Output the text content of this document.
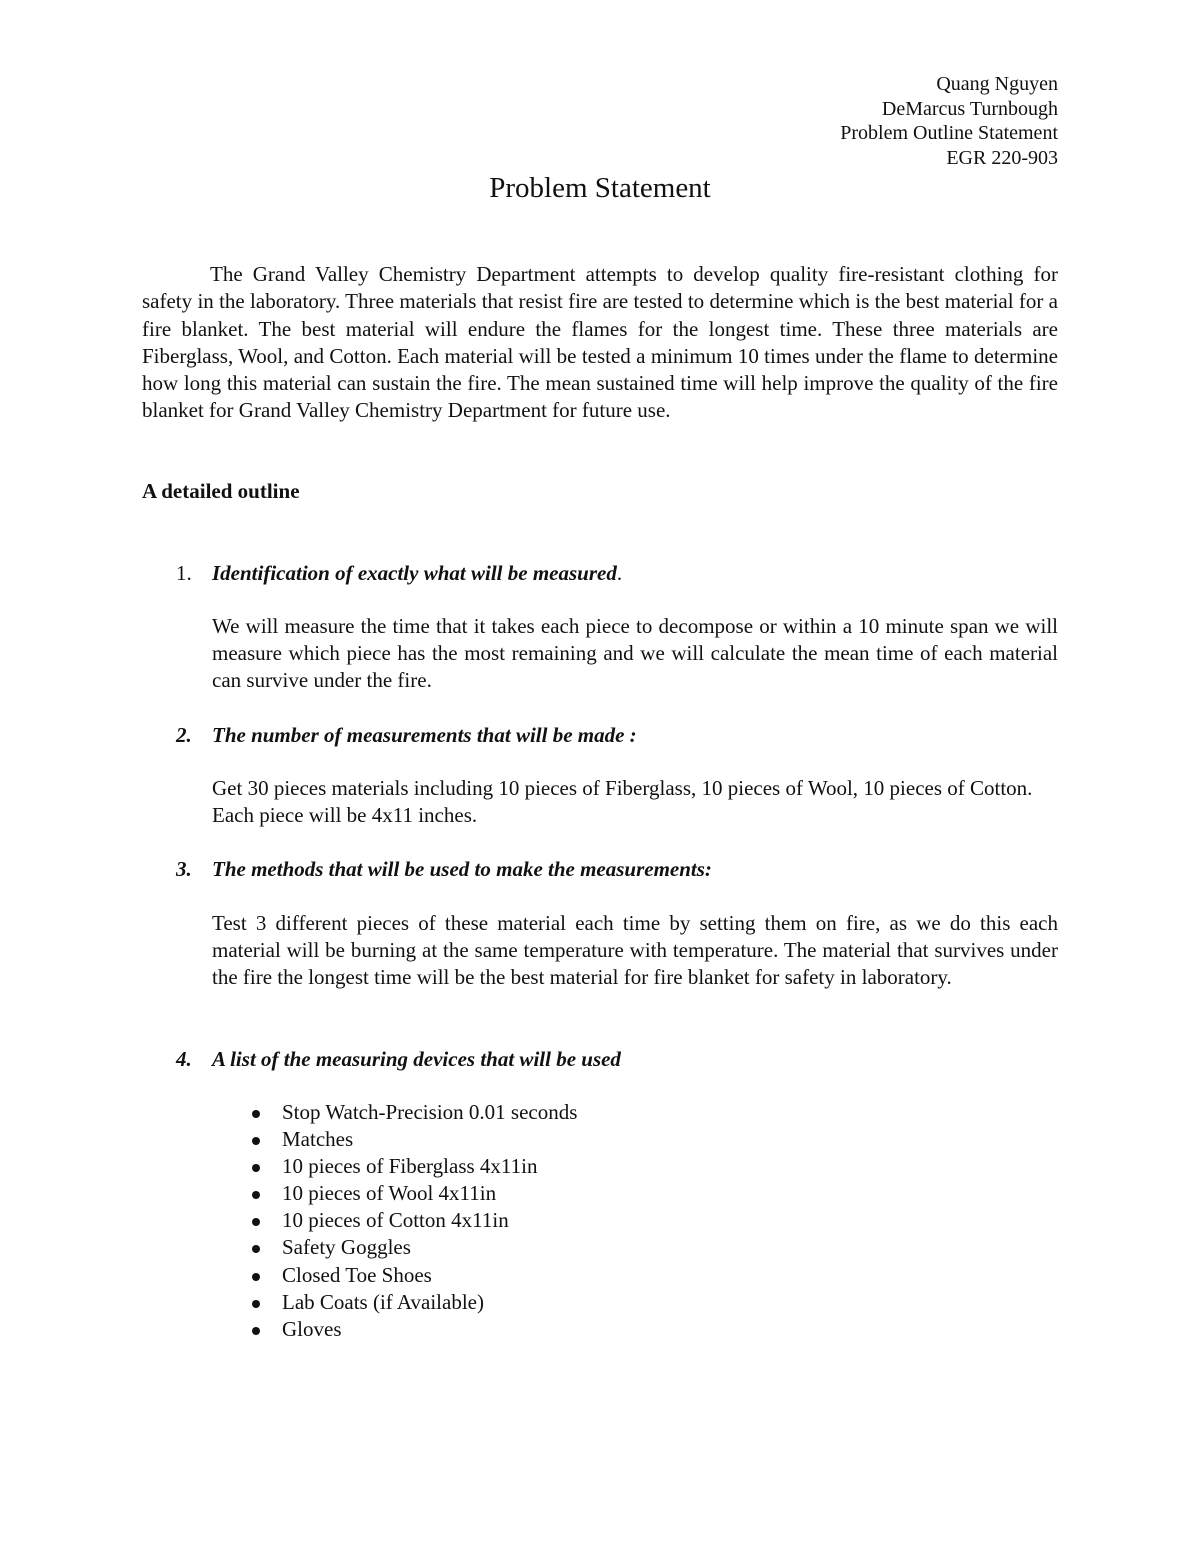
Quang Nguyen
DeMarcus Turnbough
Problem Outline Statement
EGR 220-903
Problem Statement

The Grand Valley Chemistry Department attempts to develop quality fire-resistant clothing for safety in the laboratory. Three materials that resist fire are tested to determine which is the best material for a fire blanket. The best material will endure the flames for the longest time. These three materials are Fiberglass, Wool, and Cotton. Each material will be tested a minimum 10 times under the flame to determine how long this material can sustain the fire. The mean sustained time will help improve the quality of the fire blanket for Grand Valley Chemistry Department for future use.

A detailed outline
1. Identification of exactly what will be measured.

We will measure the time that it takes each piece to decompose or within a 10 minute span we will measure which piece has the most remaining and we will calculate the mean time of each material can survive under the fire.

2. The number of measurements that will be made :

Get 30 pieces materials including 10 pieces of Fiberglass, 10 pieces of Wool, 10 pieces of Cotton. Each piece will be 4x11 inches.

3. The methods that will be used to make the measurements:

Test 3 different pieces of these material each time by setting them on fire, as we do this each material will be burning at the same temperature with temperature. The material that survives under the fire the longest time will be the best material for fire blanket for safety in laboratory.

4. A list of the measuring devices that will be used
Stop Watch-Precision 0.01 seconds
Matches
10 pieces of Fiberglass 4x11in
10 pieces of Wool 4x11in
10 pieces of Cotton 4x11in
Safety Goggles
Closed Toe Shoes
Lab Coats (if Available)
Gloves
